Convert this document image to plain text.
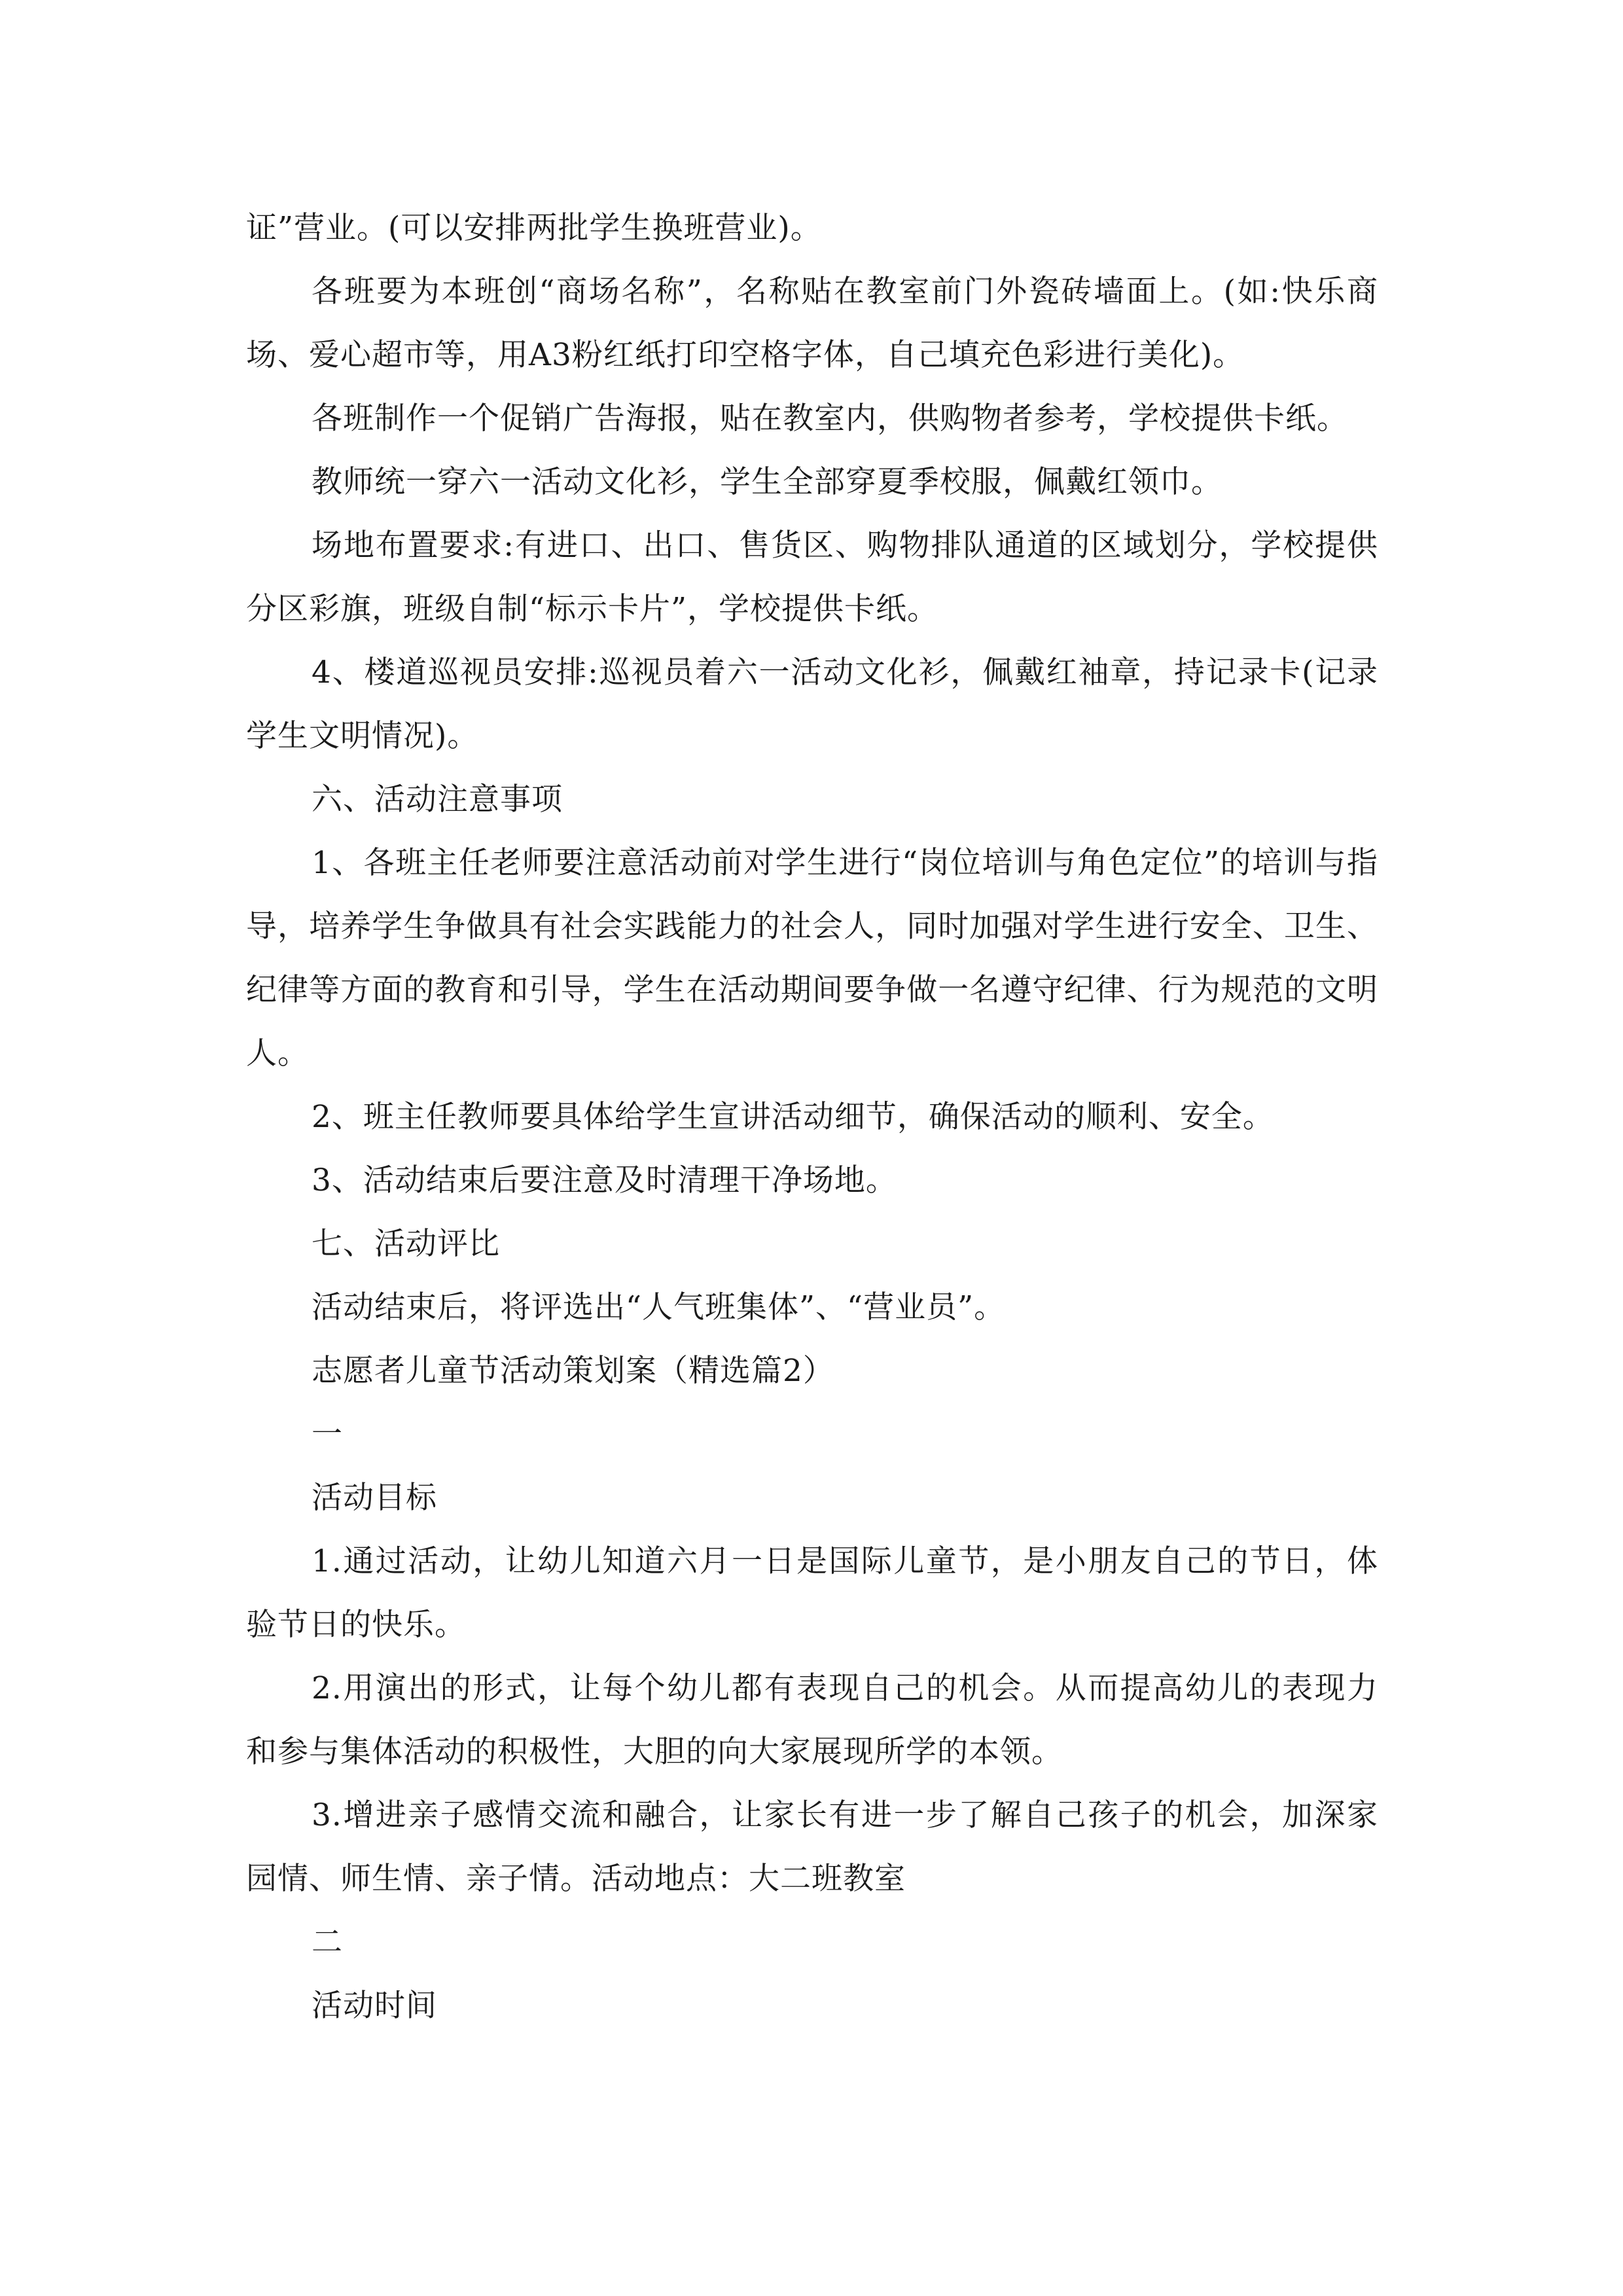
证”营业。(可以安排两批学生换班营业)。

各班要为本班创“商场名称”，名称贴在教室前门外瓷砖墙面上。(如:快乐商场、爱心超市等，用A3粉红纸打印空格字体，自己填充色彩进行美化)。

各班制作一个促销广告海报，贴在教室内，供购物者参考，学校提供卡纸。

教师统一穿六一活动文化衫，学生全部穿夏季校服，佩戴红领巾。

场地布置要求:有进口、出口、售货区、购物排队通道的区域划分，学校提供分区彩旗，班级自制“标示卡片”，学校提供卡纸。

4、楼道巡视员安排:巡视员着六一活动文化衫，佩戴红袖章，持记录卡(记录学生文明情况)。

六、活动注意事项

1、各班主任老师要注意活动前对学生进行“岗位培训与角色定位”的培训与指导，培养学生争做具有社会实践能力的社会人，同时加强对学生进行安全、卫生、纪律等方面的教育和引导，学生在活动期间要争做一名遵守纪律、行为规范的文明人。

2、班主任教师要具体给学生宣讲活动细节，确保活动的顺利、安全。

3、活动结束后要注意及时清理干净场地。

七、活动评比

活动结束后，将评选出“人气班集体”、“营业员”。

志愿者儿童节活动策划案（精选篇2）

一

活动目标

1.通过活动，让幼儿知道六月一日是国际儿童节，是小朋友自己的节日，体验节日的快乐。

2.用演出的形式，让每个幼儿都有表现自己的机会。从而提高幼儿的表现力和参与集体活动的积极性，大胆的向大家展现所学的本领。

3.增进亲子感情交流和融合，让家长有进一步了解自己孩子的机会，加深家园情、师生情、亲子情。活动地点：大二班教室

二

活动时间
